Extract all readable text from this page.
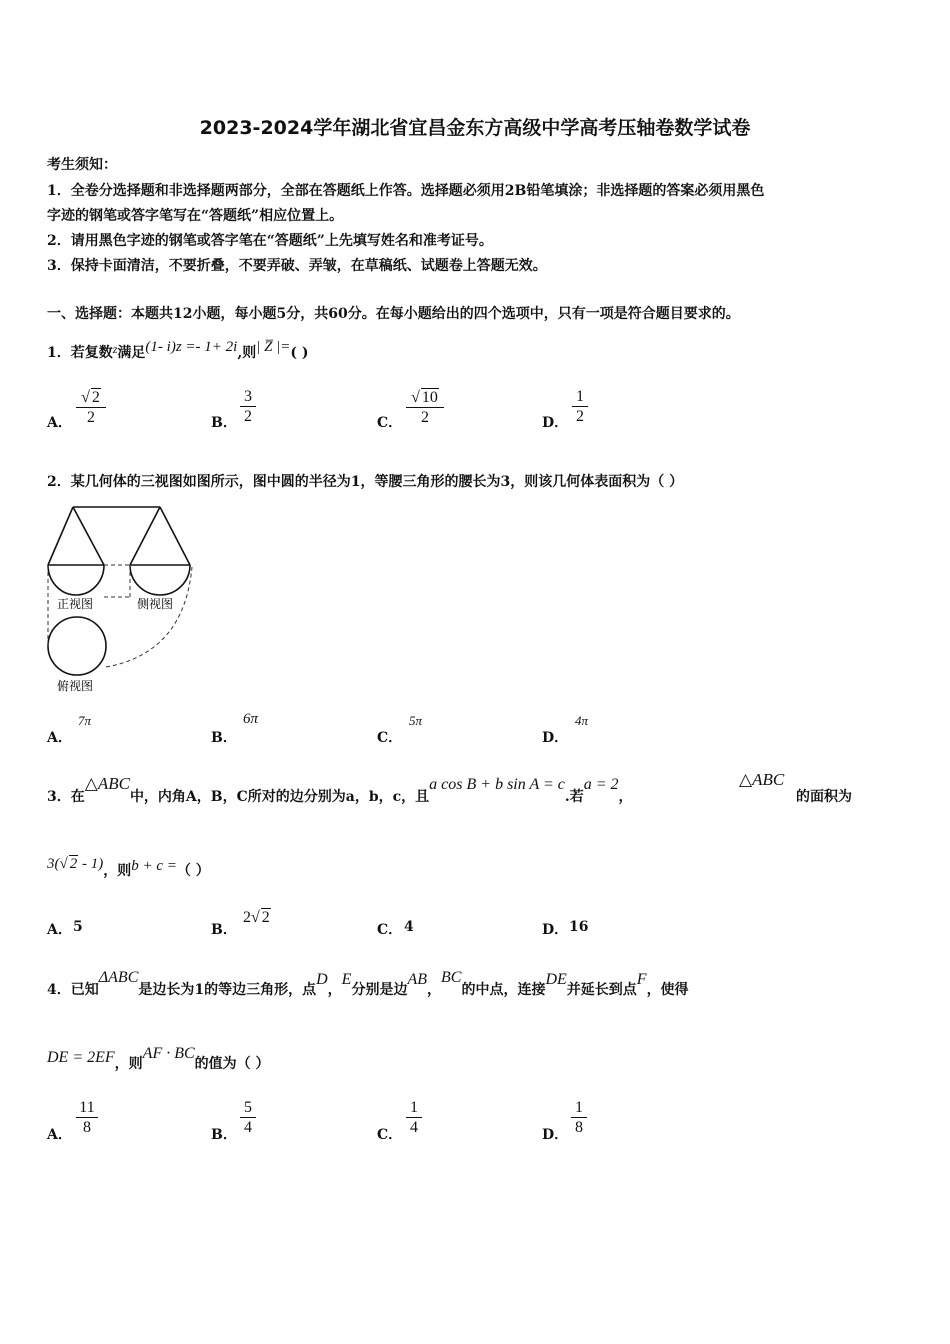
2023-2024学年湖北省宜昌金东方高级中学高考压轴卷数学试卷
考生须知：
1．全卷分选择题和非选择题两部分，全部在答题纸上作答。选择题必须用2B铅笔填涂；非选择题的答案必须用黑色
字迹的钢笔或答字笔写在“答题纸”相应位置上。
2．请用黑色字迹的钢笔或答字笔在“答题纸”上先填写姓名和准考证号。
3．保持卡面清洁，不要折叠，不要弄破、弄皱，在草稿纸、试题卷上答题无效。
一、选择题：本题共12小题，每小题5分，共60分。在每小题给出的四个选项中，只有一项是符合题目要求的。
1．若复数z满足(1- i)z =- 1+ 2i,则| Z̅ |=( )
A． $\frac{√ 2}{2}$	B． $\frac{3}{2}$	C． $\frac{√ 10}{2}$	D． $\frac{1}{2}$
2．某几何体的三视图如图所示，图中圆的半径为1，等腰三角形的腰长为3，则该几何体表面积为（ ）
正视图	侧视图
俯视图
A．
7π
B．
6π
C．
5π
D．
4π
3．在△ABC中，内角A，B，C所对的边分别为a，b，c，且a cos B + b sin A = c.若a = 2，
△ABC
的面积为
3(√ 2 - 1)，则b + c =（ ）
A． 5	B．
2√ 2
C． 4	D． 16
4．已知ΔABC是边长为1的等边三角形，点D，E分别是边AB，BC的中点，连接DE并延长到点F，使得
DE = 2EF，则AF · BC的值为（ ）
A． $\frac{11}{8}$	B． $\frac{5}{4}$	C． $\frac{1}{4}$	D． $\frac{1}{8}$
